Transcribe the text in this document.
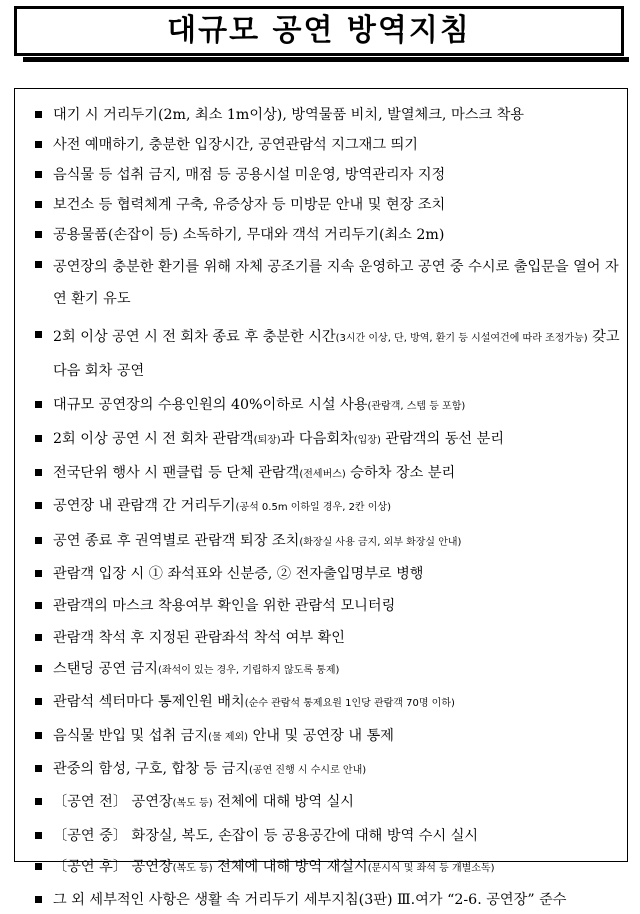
대규모 공연 방역지침
대기 시 거리두기(2m, 최소 1m이상), 방역물품 비치, 발열체크, 마스크 착용
사전 예매하기, 충분한 입장시간, 공연관람석 지그재그 띄기
음식물 등 섭취 금지, 매점 등 공용시설 미운영, 방역관리자 지정
보건소 등 협력체계 구축, 유증상자 등 미방문 안내 및 현장 조치
공용물품(손잡이 등) 소독하기, 무대와 객석 거리두기(최소 2m)
공연장의 충분한 환기를 위해 자체 공조기를 지속 운영하고 공연 중 수시로 출입문을 열어 자연 환기 유도
2회 이상 공연 시 전 회차 종료 후 충분한 시간(3시간 이상, 단, 방역, 환기 등 시설여건에 따라 조정가능) 갖고 다음 회차 공연
대규모 공연장의 수용인원의 40%이하로 시설 사용(관람객, 스텝 등 포함)
2회 이상 공연 시 전 회차 관람객(퇴장)과 다음회차(입장) 관람객의 동선 분리
전국단위 행사 시 팬클럽 등 단체 관람객(전세버스) 승하차 장소 분리
공연장 내 관람객 간 거리두기(공석 0.5m 이하일 경우, 2칸 이상)
공연 종료 후 권역별로 관람객 퇴장 조치(화장실 사용 금지, 외부 화장실 안내)
관람객 입장 시 ① 좌석표와 신분증, ② 전자출입명부로 병행
관람객의 마스크 착용여부 확인을 위한 관람석 모니터링
관람객 착석 후 지정된 관람좌석 착석 여부 확인
스탠딩 공연 금지(좌석이 있는 경우, 기립하지 않도록 통제)
관람석 섹터마다 통제인원 배치(순수 관람석 통제요원 1인당 관람객 70명 이하)
음식물 반입 및 섭취 금지(물 제외) 안내 및 공연장 내 통제
관중의 함성, 구호, 합창 등 금지(공연 진행 시 수시로 안내)
〔공연 전〕 공연장(복도 등) 전체에 대해 방역 실시
〔공연 중〕 화장실, 복도, 손잡이 등 공용공간에 대해 방역 수시 실시
〔공연 후〕 공연장(복도 등) 전체에 대해 방역 재실시(문시식 및 좌석 등 개별소독)
그 외 세부적인 사항은 생활 속 거리두기 세부지침(3판) Ⅲ.여가 “2-6. 공연장” 준수
